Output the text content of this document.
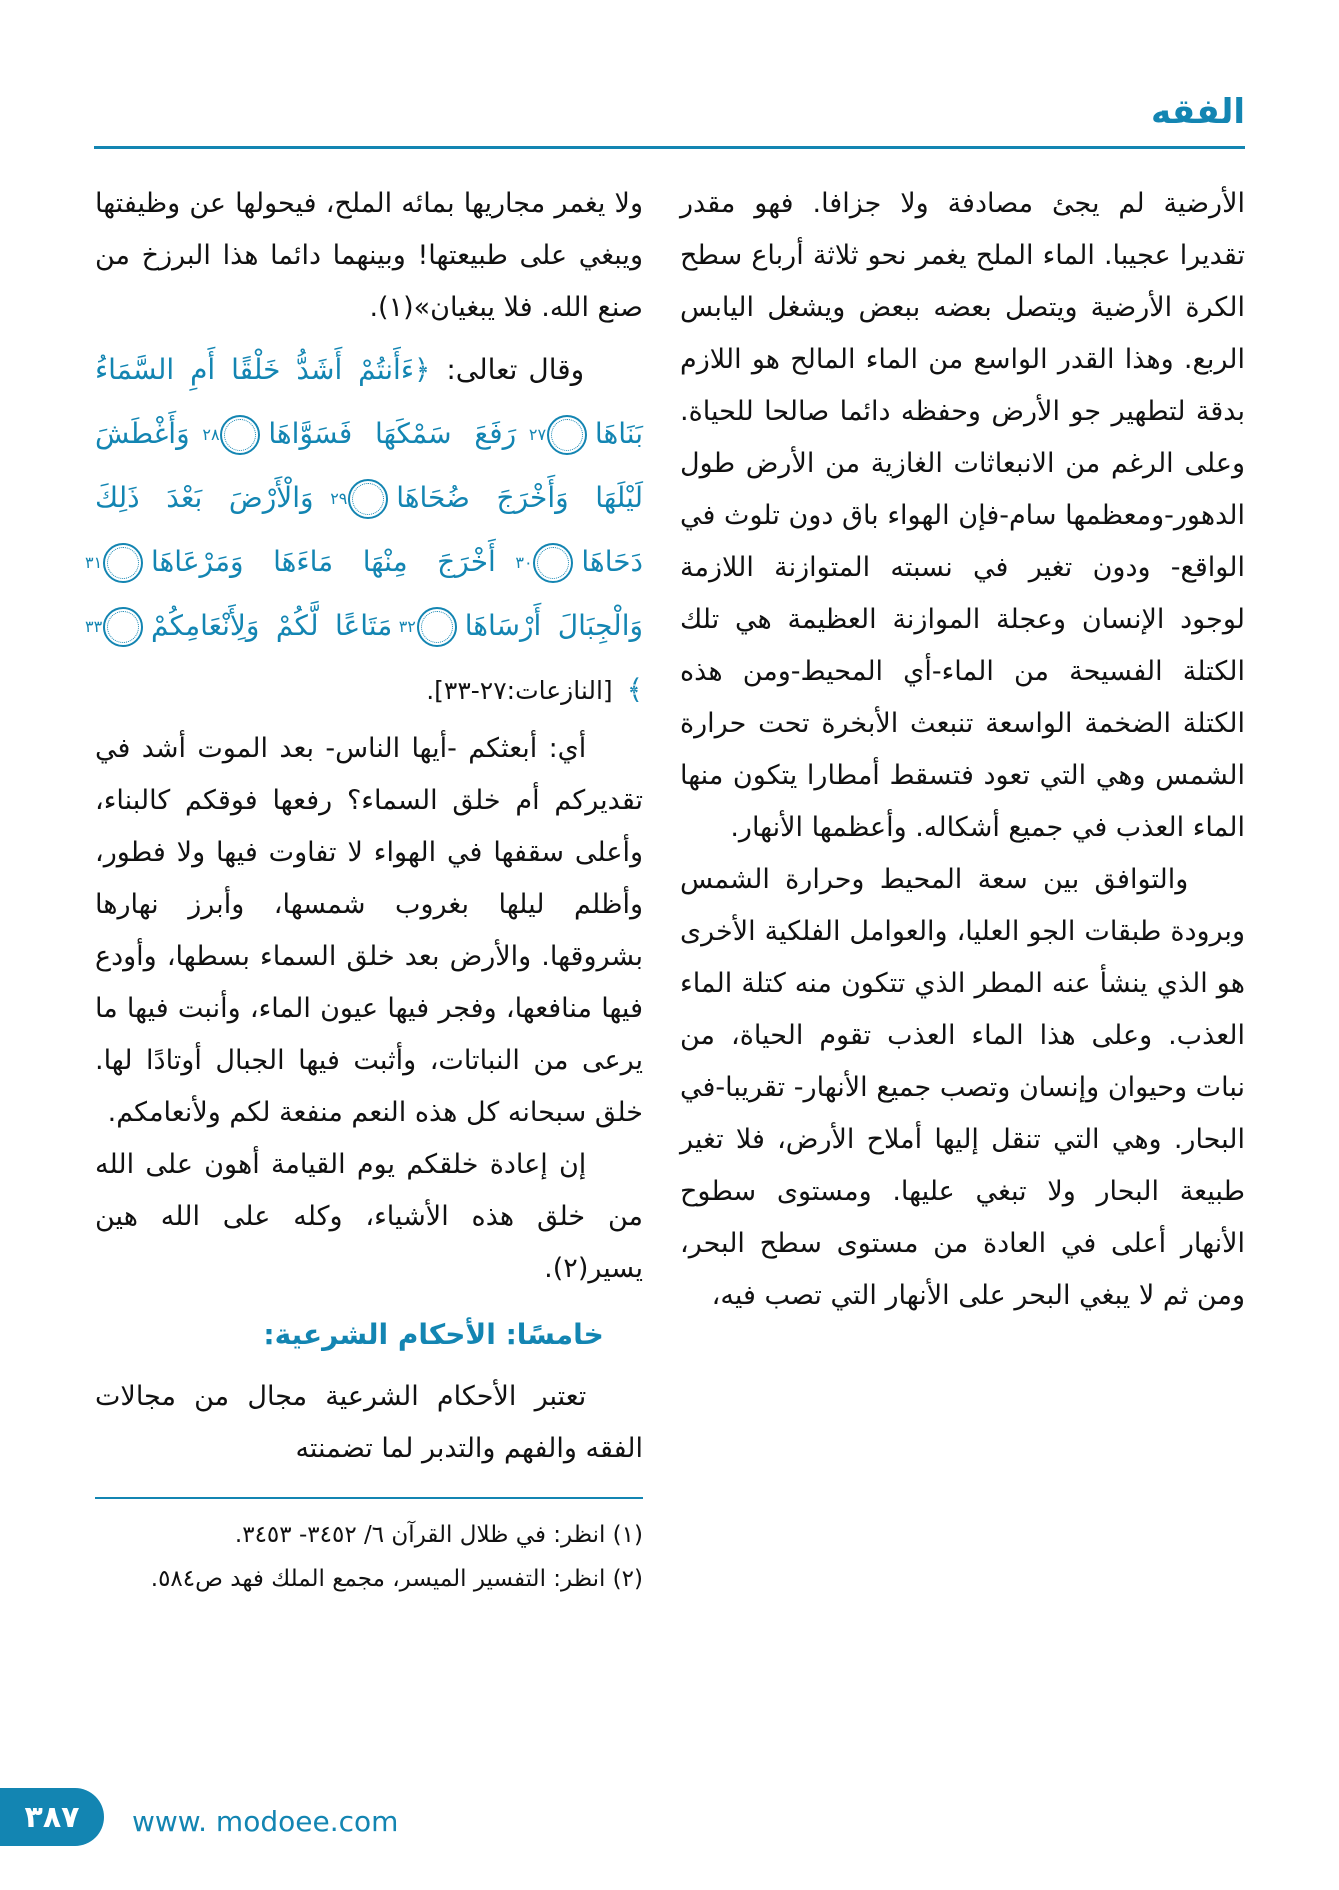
الفقه

الأرضية لم يجئ مصادفة ولا جزافا. فهو مقدر تقديرا عجيبا. الماء الملح يغمر نحو ثلاثة أرباع سطح الكرة الأرضية ويتصل بعضه ببعض ويشغل اليابس الربع. وهذا القدر الواسع من الماء المالح هو اللازم بدقة لتطهير جو الأرض وحفظه دائما صالحا للحياة. وعلى الرغم من الانبعاثات الغازية من الأرض طول الدهور-ومعظمها سام-فإن الهواء باق دون تلوث في الواقع- ودون تغير في نسبته المتوازنة اللازمة لوجود الإنسان وعجلة الموازنة العظيمة هي تلك الكتلة الفسيحة من الماء-أي المحيط-ومن هذه الكتلة الضخمة الواسعة تنبعث الأبخرة تحت حرارة الشمس وهي التي تعود فتسقط أمطارا يتكون منها الماء العذب في جميع أشكاله. وأعظمها الأنهار.

والتوافق بين سعة المحيط وحرارة الشمس وبرودة طبقات الجو العليا، والعوامل الفلكية الأخرى هو الذي ينشأ عنه المطر الذي تتكون منه كتلة الماء العذب. وعلى هذا الماء العذب تقوم الحياة، من نبات وحيوان وإنسان وتصب جميع الأنهار- تقريبا-في البحار. وهي التي تنقل إليها أملاح الأرض، فلا تغير طبيعة البحار ولا تبغي عليها. ومستوى سطوح الأنهار أعلى في العادة من مستوى سطح البحر، ومن ثم لا يبغي البحر على الأنهار التي تصب فيه،

ولا يغمر مجاريها بمائه الملح، فيحولها عن وظيفتها ويبغي على طبيعتها! وبينهما دائما هذا البرزخ من صنع الله. فلا يبغيان»(١).

وقال تعالى: ﴿ءَأَنتُمْ أَشَدُّ خَلْقًا أَمِ السَّمَاءُ بَنَاهَا٢٧ رَفَعَ سَمْكَهَا فَسَوَّاهَا٢٨ وَأَغْطَشَ لَيْلَهَا وَأَخْرَجَ ضُحَاهَا٢٩ وَالْأَرْضَ بَعْدَ ذَلِكَ دَحَاهَا٣٠ أَخْرَجَ مِنْهَا مَاءَهَا وَمَرْعَاهَا٣١ وَالْجِبَالَ أَرْسَاهَا٣٢ مَتَاعًا لَّكُمْ وَلِأَنْعَامِكُمْ٣٣﴾ [النازعات:٢٧-٣٣].

أي: أبعثكم -أيها الناس- بعد الموت أشد في تقديركم أم خلق السماء؟ رفعها فوقكم كالبناء، وأعلى سقفها في الهواء لا تفاوت فيها ولا فطور، وأظلم ليلها بغروب شمسها، وأبرز نهارها بشروقها. والأرض بعد خلق السماء بسطها، وأودع فيها منافعها، وفجر فيها عيون الماء، وأنبت فيها ما يرعى من النباتات، وأثبت فيها الجبال أوتادًا لها. خلق سبحانه كل هذه النعم منفعة لكم ولأنعامكم.

إن إعادة خلقكم يوم القيامة أهون على الله من خلق هذه الأشياء، وكله على الله هين يسير(٢).

خامسًا: الأحكام الشرعية:

تعتبر الأحكام الشرعية مجال من مجالات الفقه والفهم والتدبر لما تضمنته

(١) انظر: في ظلال القرآن ٦/ ٣٤٥٢- ٣٤٥٣.
(٢) انظر: التفسير الميسر، مجمع الملك فهد ص٥٨٤.
٣٨٧	www. modoee.com
